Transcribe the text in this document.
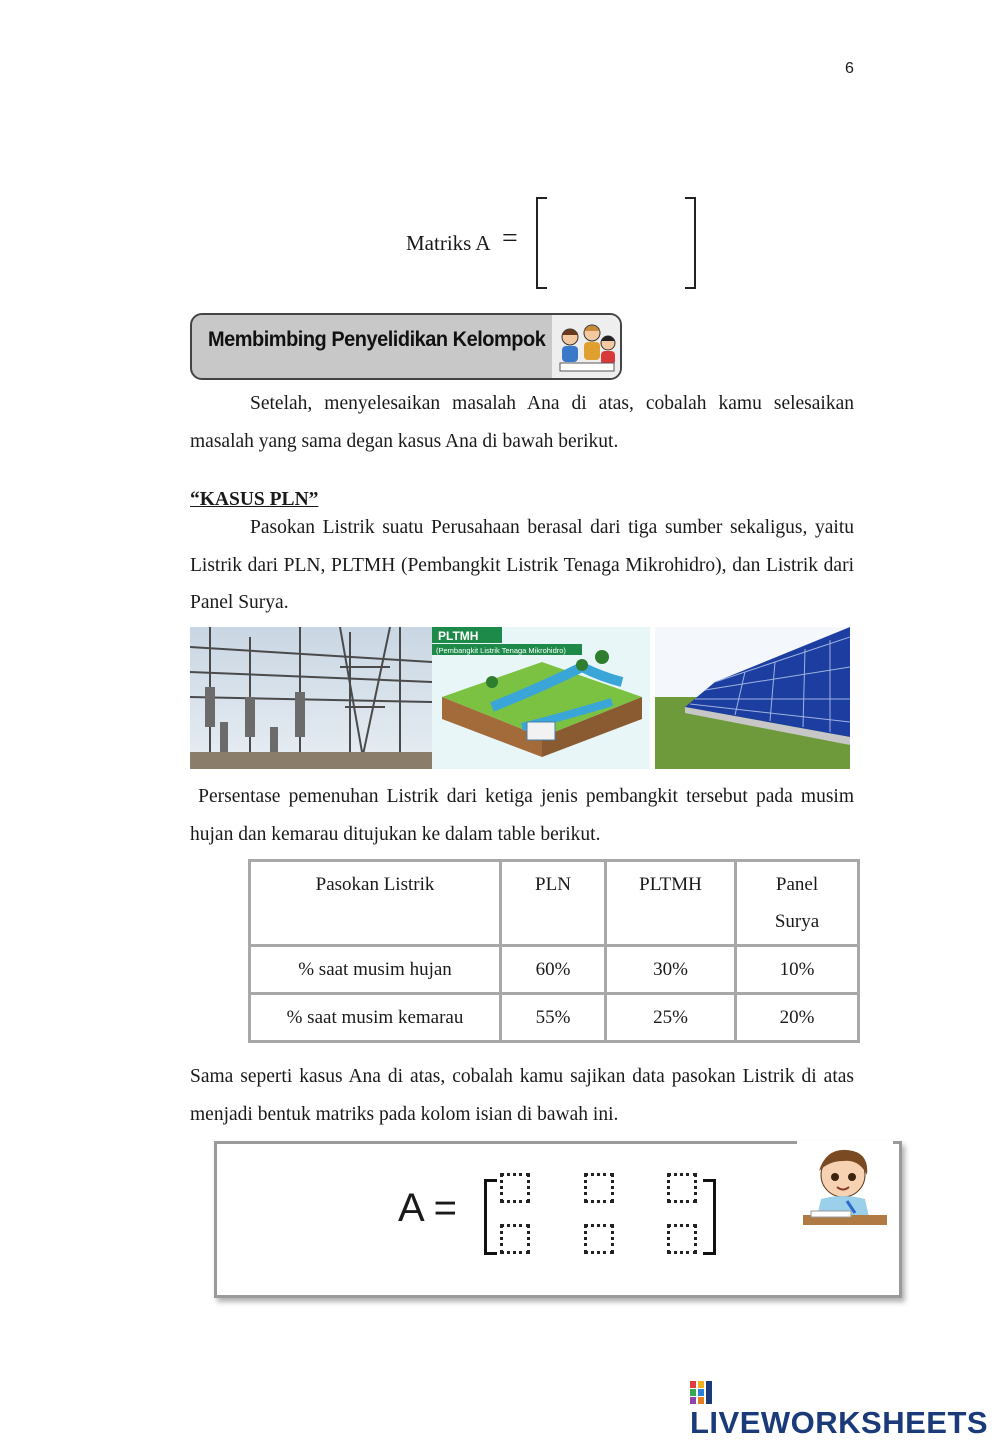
6
Matriks A =
Membimbing Penyelidikan Kelompok
Setelah, menyelesaikan masalah Ana di atas, cobalah kamu selesaikan masalah yang sama degan kasus Ana di bawah berikut.
“KASUS PLN”
Pasokan Listrik suatu Perusahaan berasal dari tiga sumber sekaligus, yaitu Listrik dari PLN, PLTMH (Pembangkit Listrik Tenaga Mikrohidro), dan Listrik dari Panel Surya.
PLTMH
(Pembangkit Listrik Tenaga Mikrohidro)
Persentase pemenuhan Listrik dari ketiga jenis pembangkit tersebut pada musim hujan dan kemarau ditujukan ke dalam table berikut.
Pasokan Listrik	PLN	PLTMH	Panel Surya
% saat musim hujan	60%	30%	10%
% saat musim kemarau	55%	25%	20%
Sama seperti kasus Ana di atas, cobalah kamu sajikan data pasokan Listrik di atas menjadi bentuk matriks pada kolom isian di bawah ini.
A =
LIVEWORKSHEETS
